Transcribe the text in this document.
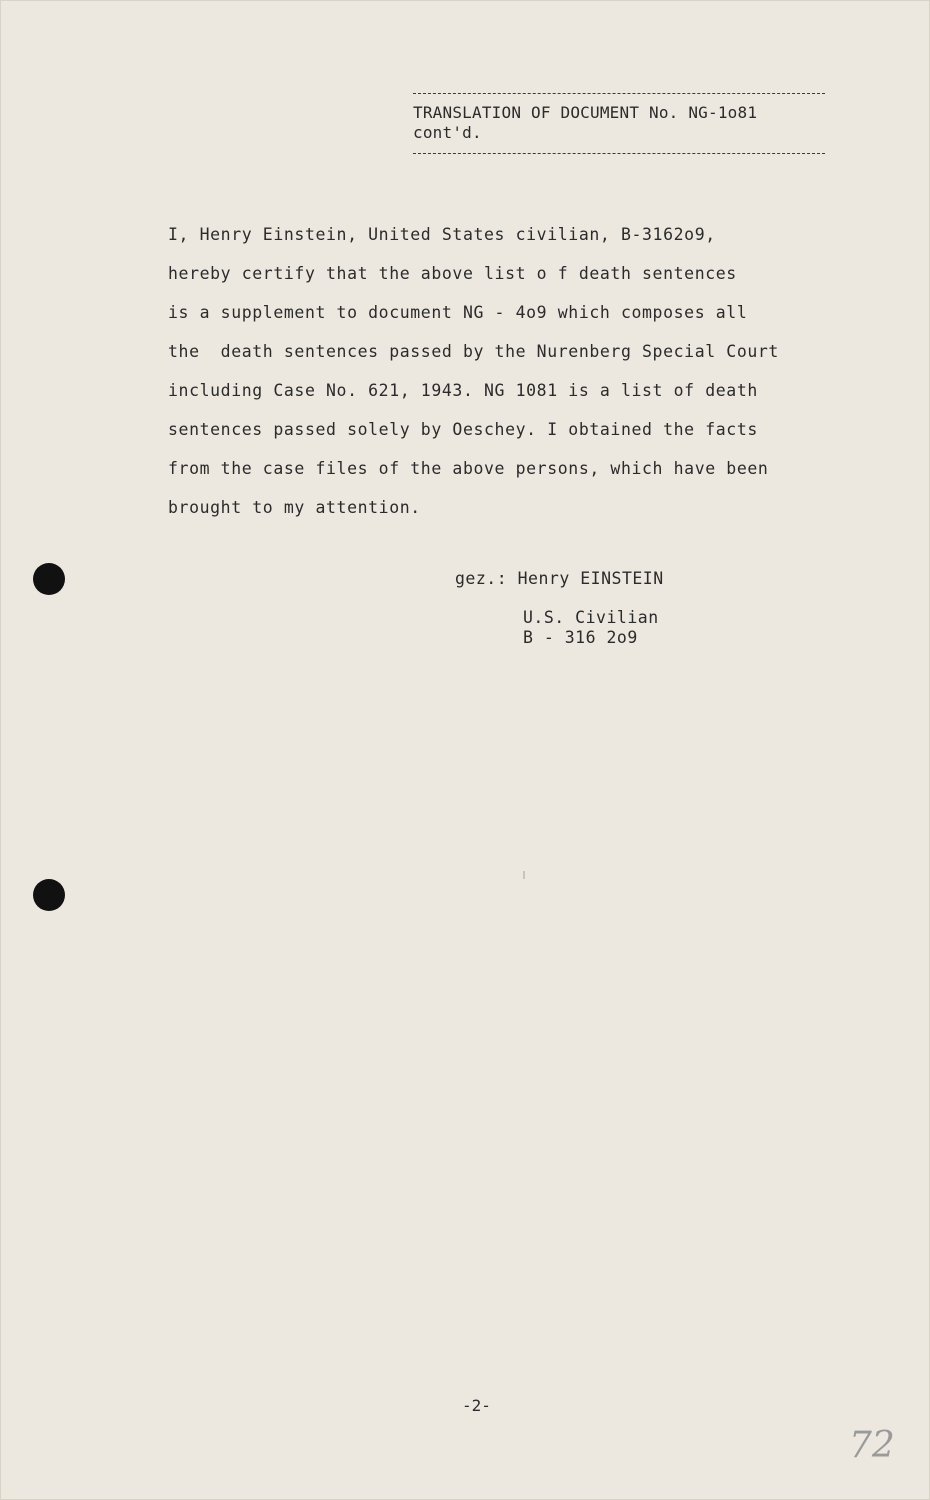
TRANSLATION OF DOCUMENT No. NG-1o81
cont'd.
I, Henry Einstein, United States civilian, B-3162o9,
hereby certify that the above list o f death sentences
is a supplement to document NG - 4o9 which composes all
the  death sentences passed by the Nurenberg Special Court
including Case No. 621, 1943. NG 1081 is a list of death
sentences passed solely by Oeschey. I obtained the facts
from the case files of the above persons, which have been
brought to my attention.
gez.: Henry EINSTEIN
U.S. Civilian
B - 316 2o9
-2-
72
